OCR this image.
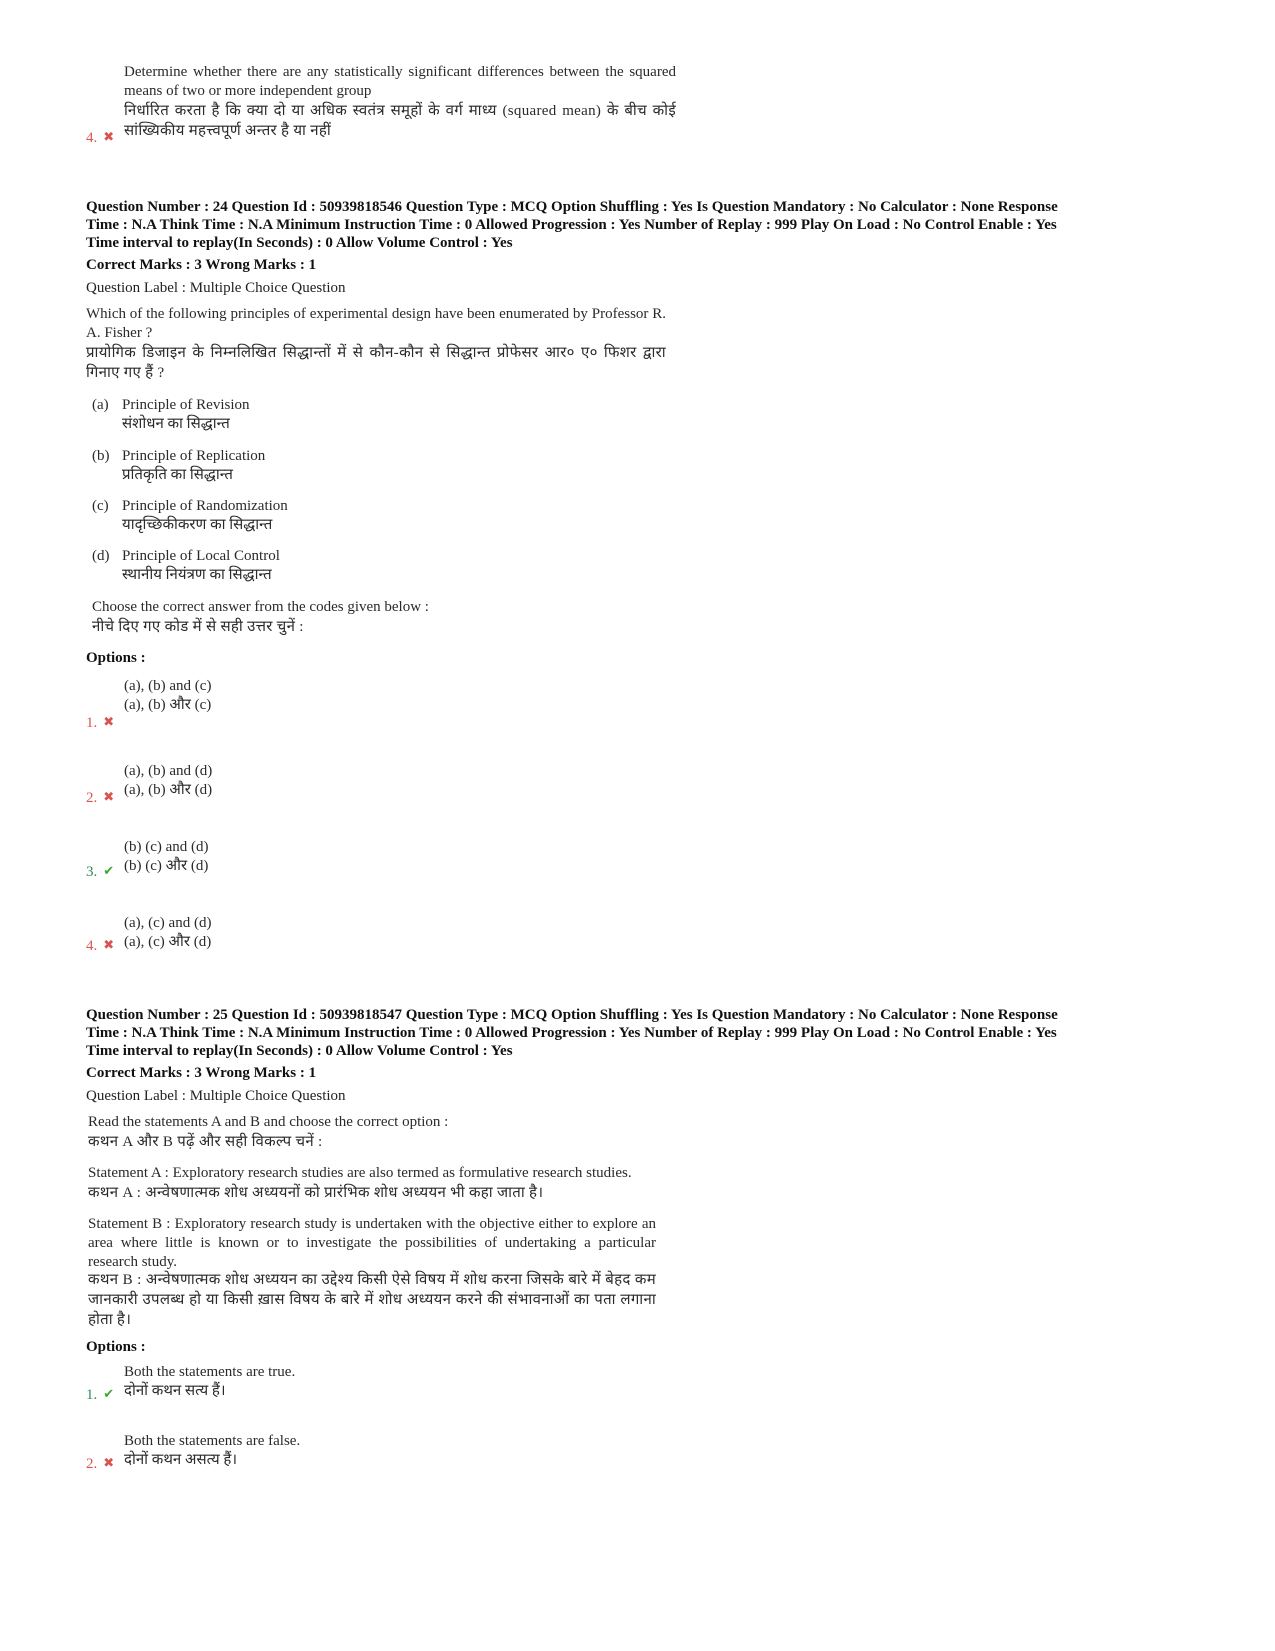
Determine whether there are any statistically significant differences between the squared means of two or more independent group
निर्धारित करता है कि क्या दो या अधिक स्वतंत्र समूहों के वर्ग माध्य (squared mean) के बीच कोई सांख्यिकीय महत्त्वपूर्ण अन्तर है या नहीं
4. ✖
Question Number : 24 Question Id : 50939818546 Question Type : MCQ Option Shuffling : Yes Is Question Mandatory : No Calculator : None Response
Time : N.A Think Time : N.A Minimum Instruction Time : 0 Allowed Progression : Yes Number of Replay : 999 Play On Load : No Control Enable : Yes
Time interval to replay(In Seconds) : 0 Allow Volume Control : Yes
Correct Marks : 3 Wrong Marks : 1
Question Label : Multiple Choice Question
Which of the following principles of experimental design have been enumerated by Professor R. A. Fisher ?
प्रायोगिक डिजाइन के निम्नलिखित सिद्धान्तों में से कौन-कौन से सिद्धान्त प्रोफेसर आर० ए० फिशर द्वारा गिनाए गए हैं ?
(a) Principle of Revision
संशोधन का सिद्धान्त
(b) Principle of Replication
प्रतिकृति का सिद्धान्त
(c) Principle of Randomization
यादृच्छिकीकरण का सिद्धान्त
(d) Principle of Local Control
स्थानीय नियंत्रण का सिद्धान्त
Choose the correct answer from the codes given below :
नीचे दिए गए कोड में से सही उत्तर चुनें :
Options :
(a), (b) and (c)
(a), (b) और (c)
1. ✖
(a), (b) and (d)
(a), (b) और (d)
2. ✖
(b) (c) and (d)
(b) (c) और (d)
3. ✔
(a), (c) and (d)
(a), (c) और (d)
4. ✖
Question Number : 25 Question Id : 50939818547 Question Type : MCQ Option Shuffling : Yes Is Question Mandatory : No Calculator : None Response
Time : N.A Think Time : N.A Minimum Instruction Time : 0 Allowed Progression : Yes Number of Replay : 999 Play On Load : No Control Enable : Yes
Time interval to replay(In Seconds) : 0 Allow Volume Control : Yes
Correct Marks : 3 Wrong Marks : 1
Question Label : Multiple Choice Question
Read the statements A and B and choose the correct option :
कथन A और B पढ़ें और सही विकल्प चनें :
Statement A : Exploratory research studies are also termed as formulative research studies.
कथन A : अन्वेषणात्मक शोध अध्ययनों को प्रारंभिक शोध अध्ययन भी कहा जाता है।
Statement B : Exploratory research study is undertaken with the objective either to explore an area where little is known or to investigate the possibilities of undertaking a particular research study.
कथन B : अन्वेषणात्मक शोध अध्ययन का उद्देश्य किसी ऐसे विषय में शोध करना जिसके बारे में बेहद कम जानकारी उपलब्ध हो या किसी ख़ास विषय के बारे में शोध अध्ययन करने की संभावनाओं का पता लगाना होता है।
Options :
Both the statements are true.
दोनों कथन सत्य हैं।
1. ✔
Both the statements are false.
दोनों कथन असत्य हैं।
2. ✖
